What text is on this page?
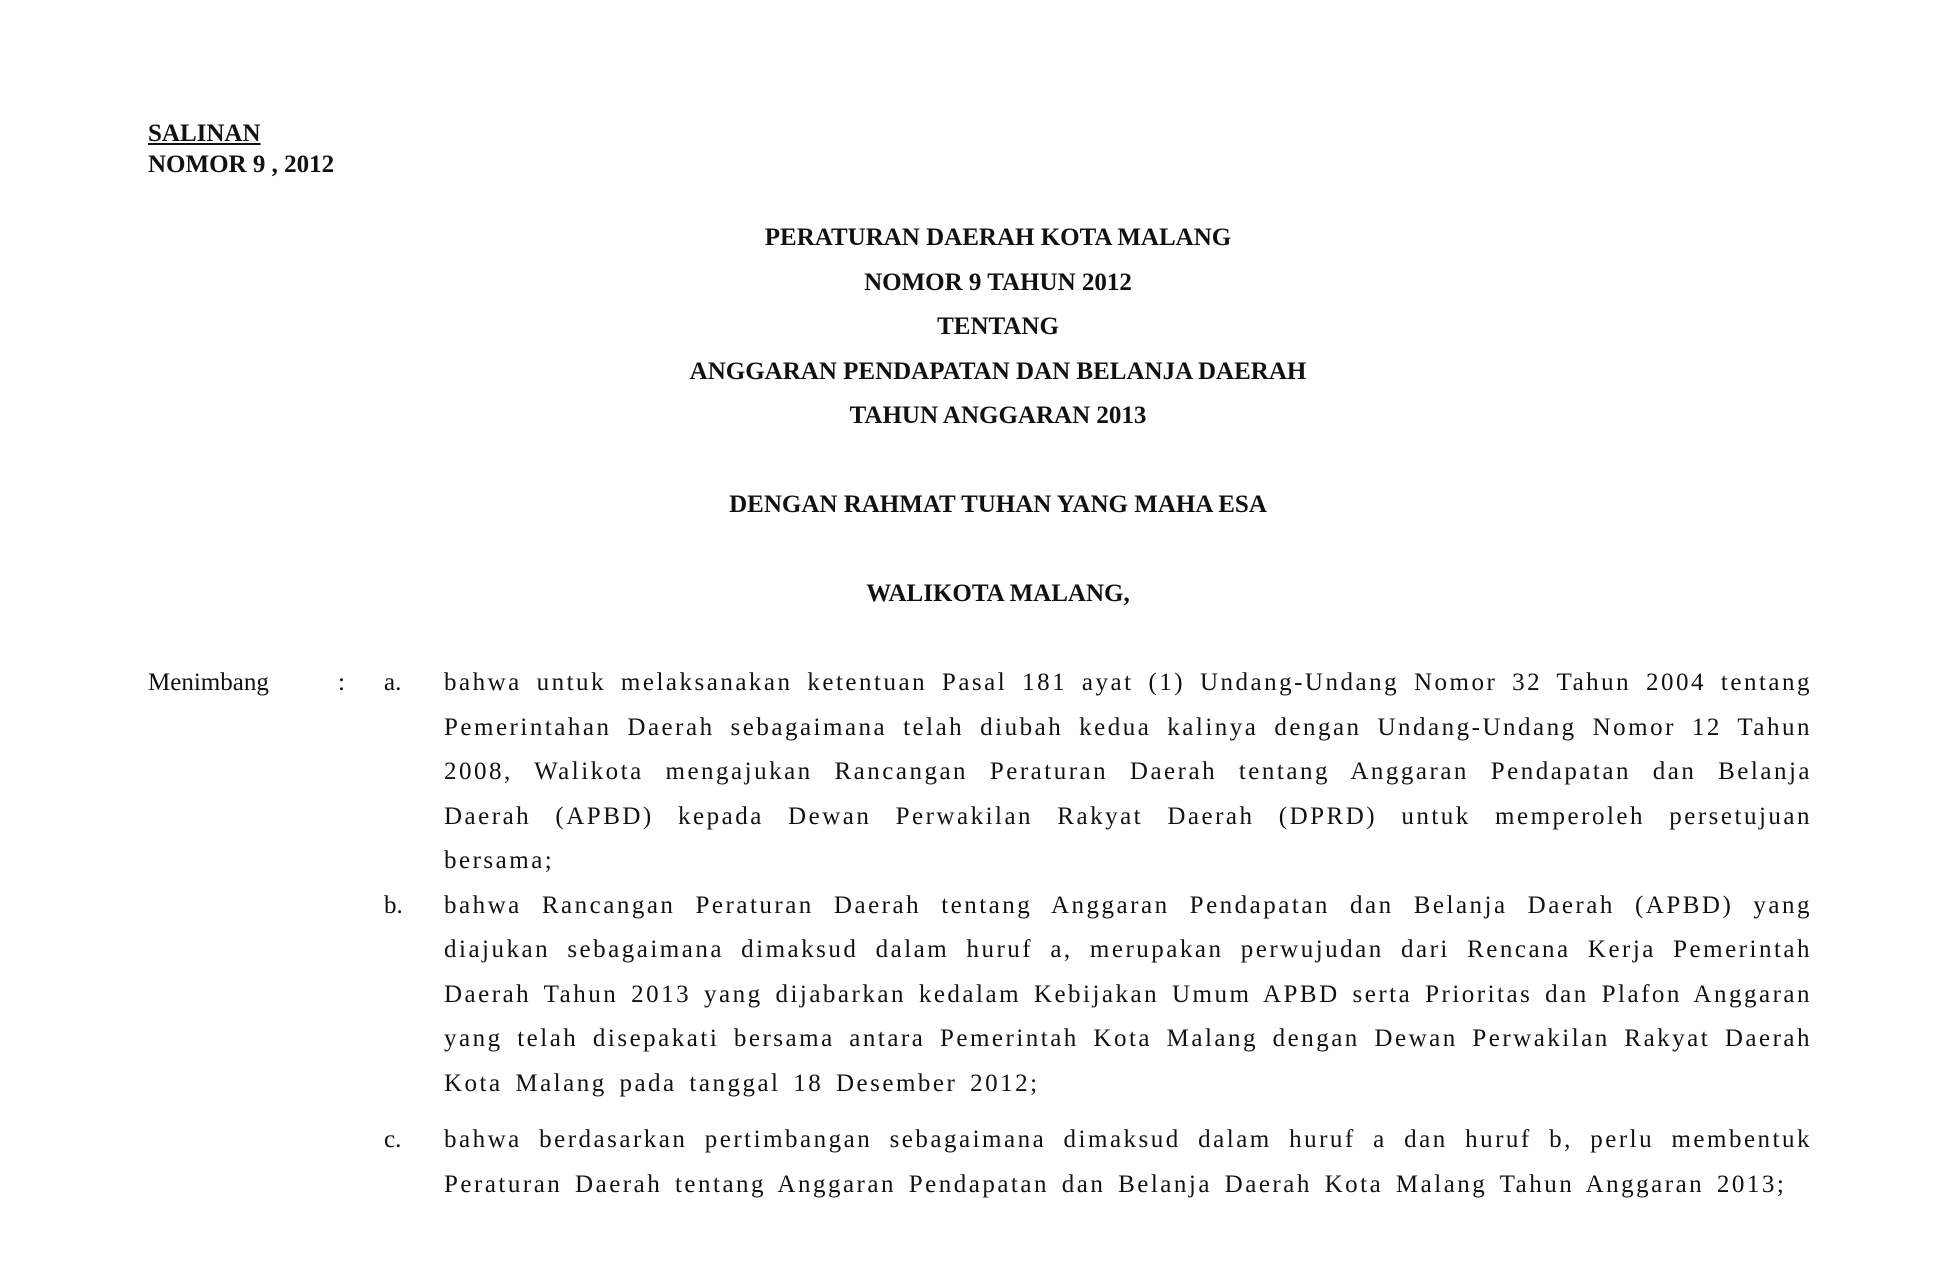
SALINAN
NOMOR 9 , 2012
PERATURAN DAERAH KOTA MALANG
NOMOR 9 TAHUN 2012
TENTANG
ANGGARAN PENDAPATAN DAN BELANJA DAERAH
TAHUN ANGGARAN 2013
DENGAN RAHMAT TUHAN YANG MAHA ESA
WALIKOTA MALANG,
Menimbang	:	a.	bahwa untuk melaksanakan ketentuan Pasal 181 ayat (1) Undang-Undang Nomor 32 Tahun 2004 tentang Pemerintahan Daerah sebagaimana telah diubah kedua kalinya dengan Undang-Undang Nomor 12 Tahun 2008, Walikota mengajukan Rancangan Peraturan Daerah tentang Anggaran Pendapatan dan Belanja Daerah (APBD) kepada Dewan Perwakilan Rakyat Daerah (DPRD) untuk memperoleh persetujuan bersama;
b.	bahwa Rancangan Peraturan Daerah tentang Anggaran Pendapatan dan Belanja Daerah (APBD) yang diajukan sebagaimana dimaksud dalam huruf a, merupakan perwujudan dari Rencana Kerja Pemerintah Daerah Tahun 2013 yang dijabarkan kedalam Kebijakan Umum APBD serta Prioritas dan Plafon Anggaran yang telah disepakati bersama antara Pemerintah Kota Malang dengan Dewan Perwakilan Rakyat Daerah Kota Malang pada tanggal 18 Desember 2012;
c.	bahwa berdasarkan pertimbangan sebagaimana dimaksud dalam huruf a dan huruf b, perlu membentuk Peraturan Daerah tentang Anggaran Pendapatan dan Belanja Daerah Kota Malang Tahun Anggaran 2013;
